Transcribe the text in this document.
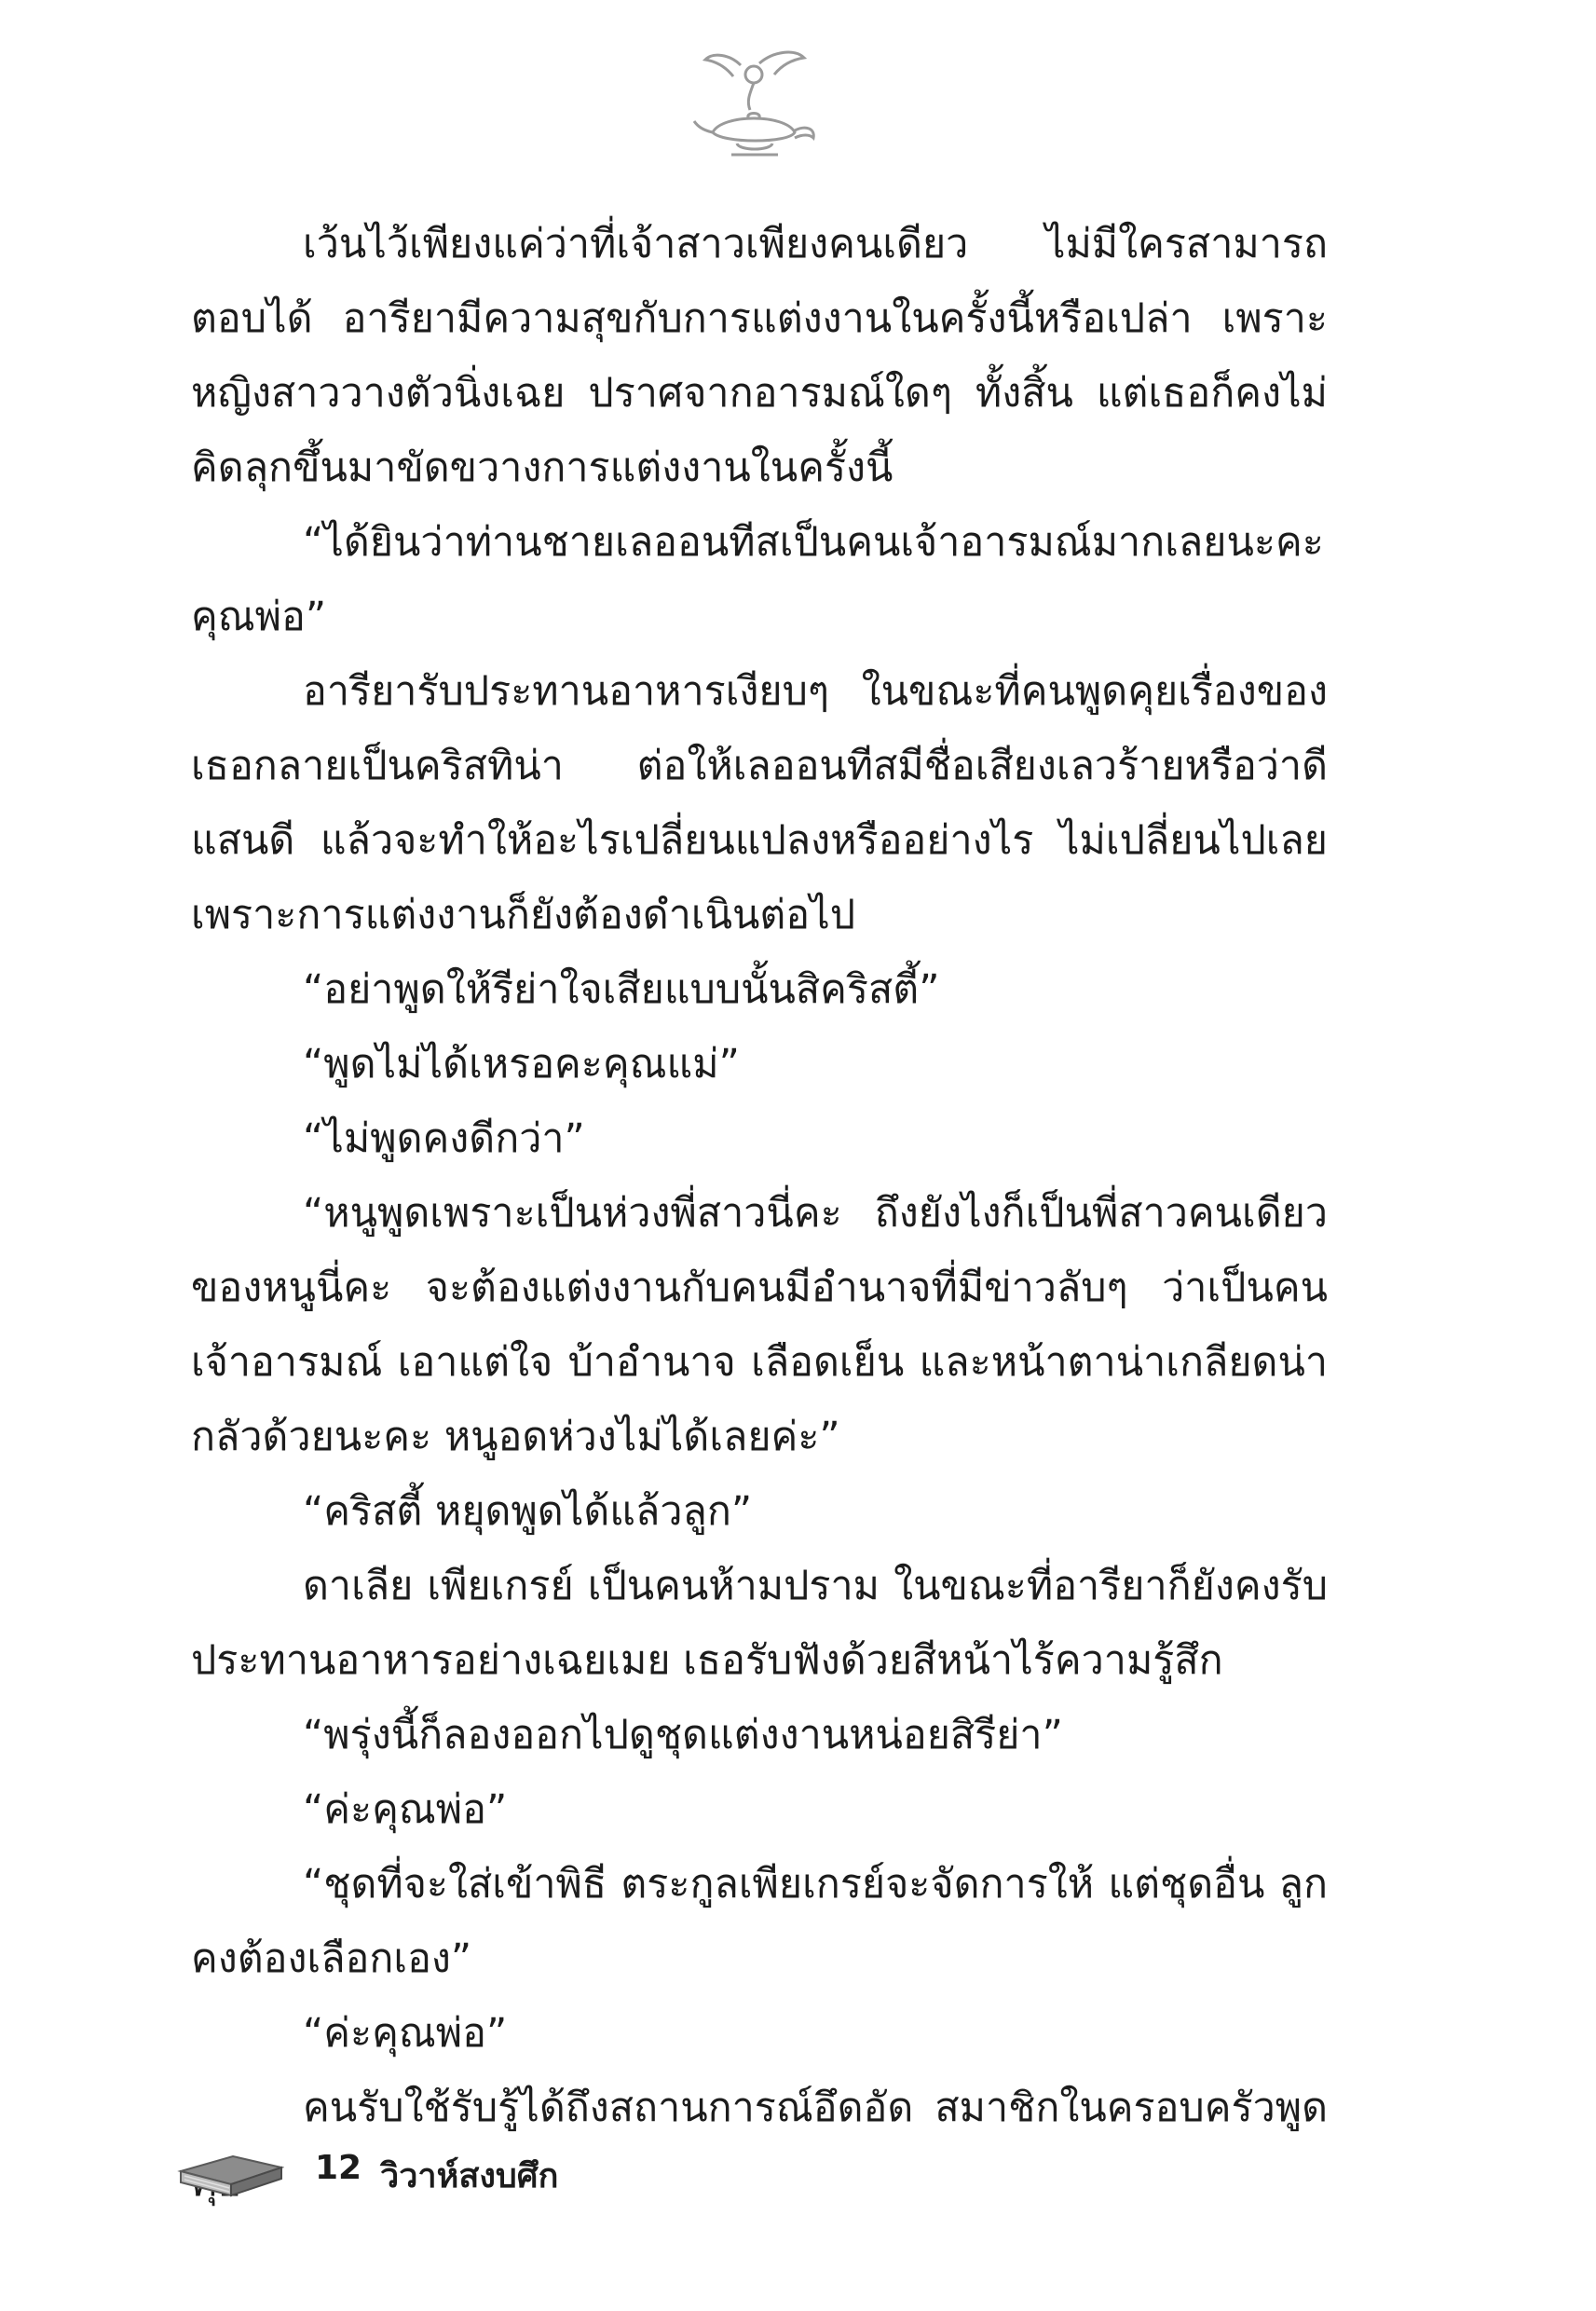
เว้นไว้เพียงแค่ว่าที่เจ้าสาวเพียงคนเดียว ไม่มีใครสามารถตอบได้ อารียามีความสุขกับการแต่งงานในครั้งนี้หรือเปล่า เพราะหญิงสาววางตัวนิ่งเฉย ปราศจากอารมณ์ใดๆ ทั้งสิ้น แต่เธอก็คงไม่คิดลุกขึ้นมาขัดขวางการแต่งงานในครั้งนี้

“ได้ยินว่าท่านชายเลออนทีสเป็นคนเจ้าอารมณ์มากเลยนะคะคุณพ่อ”

อารียารับประทานอาหารเงียบๆ ในขณะที่คนพูดคุยเรื่องของเธอกลายเป็นคริสทิน่า ต่อให้เลออนทีสมีชื่อเสียงเลวร้ายหรือว่าดีแสนดี แล้วจะทำให้อะไรเปลี่ยนแปลงหรืออย่างไร ไม่เปลี่ยนไปเลย เพราะการแต่งงานก็ยังต้องดำเนินต่อไป

“อย่าพูดให้รีย่าใจเสียแบบนั้นสิคริสตี้”

“พูดไม่ได้เหรอคะคุณแม่”

“ไม่พูดคงดีกว่า”

“หนูพูดเพราะเป็นห่วงพี่สาวนี่คะ ถึงยังไงก็เป็นพี่สาวคนเดียวของหนูนี่คะ จะต้องแต่งงานกับคนมีอำนาจที่มีข่าวลับๆ ว่าเป็นคนเจ้าอารมณ์ เอาแต่ใจ บ้าอำนาจ เลือดเย็น และหน้าตาน่าเกลียดน่ากลัวด้วยนะคะ หนูอดห่วงไม่ได้เลยค่ะ”

“คริสตี้ หยุดพูดได้แล้วลูก”

ดาเลีย เพียเกรย์ เป็นคนห้ามปราม ในขณะที่อารียาก็ยังคงรับประทานอาหารอย่างเฉยเมย เธอรับฟังด้วยสีหน้าไร้ความรู้สึก

“พรุ่งนี้ก็ลองออกไปดูชุดแต่งงานหน่อยสิรีย่า”

“ค่ะคุณพ่อ”

“ชุดที่จะใส่เข้าพิธี ตระกูลเพียเกรย์จะจัดการให้ แต่ชุดอื่น ลูกคงต้องเลือกเอง”

“ค่ะคุณพ่อ”

คนรับใช้รับรู้ได้ถึงสถานการณ์อึดอัด สมาชิกในครอบครัวพูด

12 วิวาห์สงบศึก
